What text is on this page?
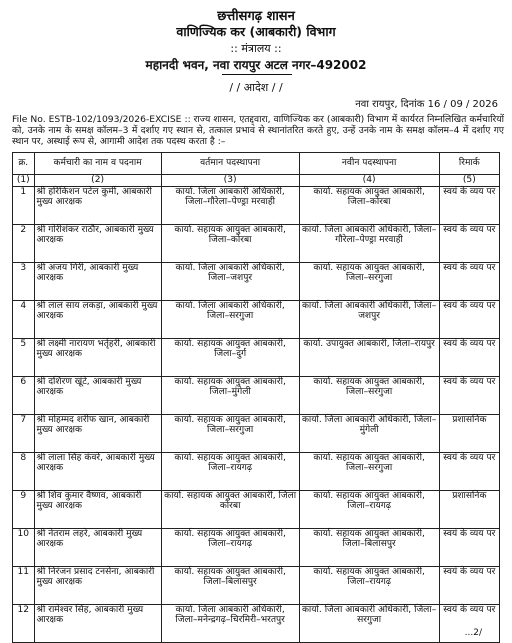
छत्तीसगढ़ शासन
वाणिज्यिक कर (आबकारी) विभाग
:: मंत्रालय ::
महानदी भवन, नवा रायपुर अटल नगर–492002
/ / आदेश / /
नवा रायपुर, दिनांक 16 / 09 / 2026
File No. ESTB-102/1093/2026-EXCISE :: राज्य शासन, एतद्द्वारा, वाणिज्यिक कर (आबकारी) विभाग में कार्यरत निम्नलिखित कर्मचारियों को, उनके नाम के समक्ष कॉलम–3 में दर्शाए गए स्थान से, तत्काल प्रभाव से स्थानांतरित करते हुए, उन्हें उनके नाम के समक्ष कॉलम–4 में दर्शाए गए स्थान पर, अस्थाई रूप से, आगामी आदेश तक पदस्थ करता है :–
क्र.	कर्मचारी का नाम व पदनाम	वर्तमान पदस्थापना	नवीन पदस्थापना	रिमार्क
(1)	(2)	(3)	(4)	(5)
1	श्री हरिकिशन पटेल कुर्मी, आबकारी मुख्य आरक्षक	कार्या. जिला आबकारी अधिकारी, जिला–गौरेला–पेण्ड्रा मरवाही	कार्या. सहायक आयुक्त आबकारी, जिला–कोरबा	स्वयं के व्यय पर
2	श्री गोरीशंकर राठौर, आबकारी मुख्य आरक्षक	कार्या. सहायक आयुक्त आबकारी, जिला–कोरबा	कार्या. जिला आबकारी अधिकारी, जिला–गौरेला–पेण्ड्रा मरवाही	स्वयं के व्यय पर
3	श्री अजय गिरी, आबकारी मुख्य आरक्षक	कार्या. जिला आबकारी अधिकारी, जिला–जशपुर	कार्या. सहायक आयुक्त आबकारी, जिला–सरगुजा	स्वयं के व्यय पर
4	श्री लाल साय लकड़ा, आबकारी मुख्य आरक्षक	कार्या. जिला आबकारी अधिकारी, जिला–सरगुजा	कार्या. जिला आबकारी अधिकारी, जिला–जशपुर	स्वयं के व्यय पर
5	श्री लक्ष्मी नारायण भर्तृहरी, आबकारी मुख्य आरक्षक	कार्या. सहायक आयुक्त आबकारी, जिला–दुर्ग	कार्या. उपायुक्त आबकारी, जिला–रायपुर	स्वयं के व्यय पर
6	श्री दशिरण खूंटे, आबकारी मुख्य आरक्षक	कार्या. सहायक आयुक्त आबकारी, जिला–मुंगेली	कार्या. सहायक आयुक्त आबकारी, जिला–सरगुजा	स्वयं के व्यय पर
7	श्री मोहम्मद शरीफ खान, आबकारी मुख्य आरक्षक	कार्या. सहायक आयुक्त आबकारी, जिला–सरगुजा	कार्या. जिला आबकारी अधिकारी, जिला–मुंगेली	प्रशासनिक
8	श्री लाला सिंह कंवरे, आबकारी मुख्य आरक्षक	कार्या. सहायक आयुक्त आबकारी, जिला–रायगढ़	कार्या. सहायक आयुक्त आबकारी, जिला–सरगुजा	स्वयं के व्यय पर
9	श्री शिव कुमार वैष्णव, आबकारी मुख्य आरक्षक	कार्या. सहायक आयुक्त आबकारी, जिला कोरबा	कार्या. सहायक आयुक्त आबकारी, जिला–रायगढ़	प्रशासनिक
10	श्री नेतराम लहरे, आबकारी मुख्य आरक्षक	कार्या. सहायक आयुक्त आबकारी, जिला–रायगढ़	कार्या. सहायक आयुक्त आबकारी, जिला–बिलासपुर	स्वयं के व्यय पर
11	श्री निरंजन प्रसाद टनसेना, आबकारी मुख्य आरक्षक	कार्या. सहायक आयुक्त आबकारी, जिला–बिलासपुर	कार्या. सहायक आयुक्त आबकारी, जिला–रायगढ़	स्वयं के व्यय पर
12	श्री रामेश्वर सिंह, आबकारी मुख्य आरक्षक	कार्या. जिला आबकारी अधिकारी, जिला–मनेन्द्रगढ़–चिरमिरी–भरतपुर	कार्या. जिला आबकारी अधिकारी, जिला–सरगुजा	स्वयं के व्यय पर
...2/
